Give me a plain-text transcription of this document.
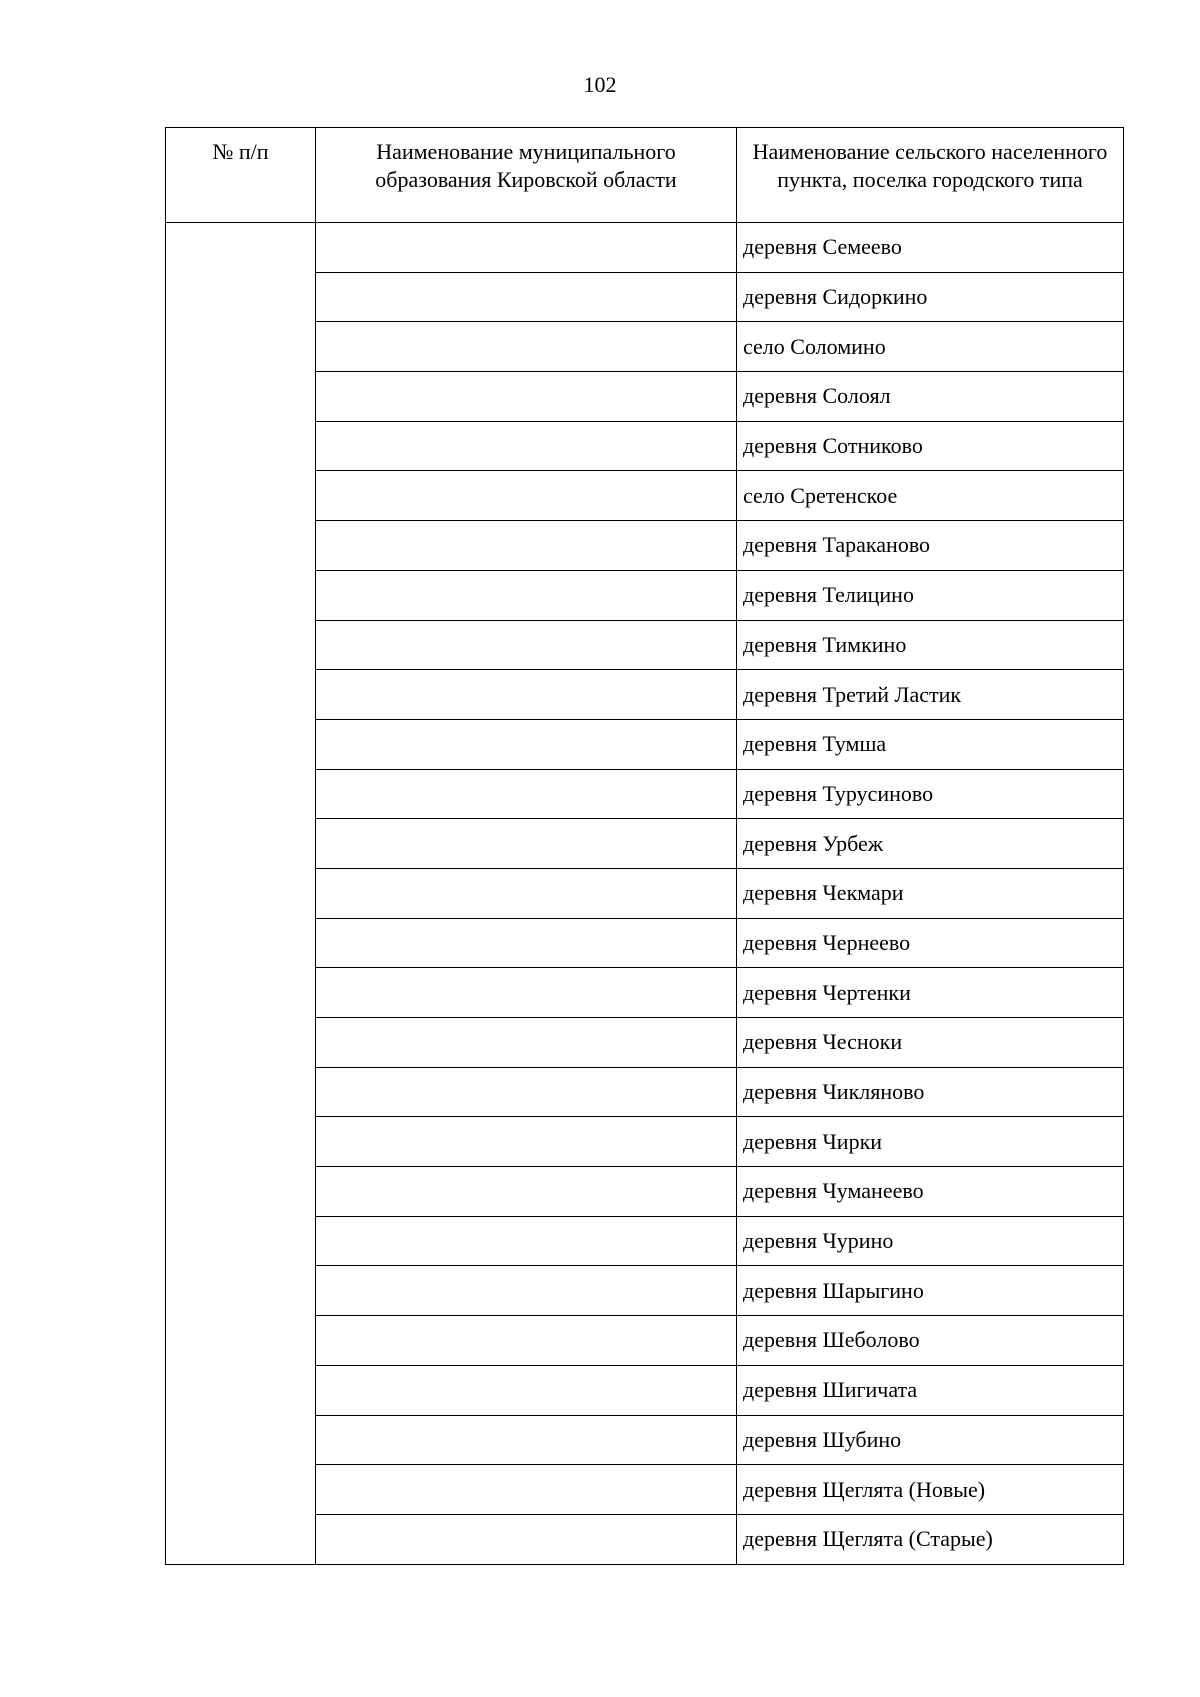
102
№ п/п	Наименование муниципального образования Кировской области	Наименование сельского населенного пункта, поселка городского типа
		деревня Семеево
		деревня Сидоркино
		село Соломино
		деревня Солоял
		деревня Сотниково
		село Сретенское
		деревня Тараканово
		деревня Телицино
		деревня Тимкино
		деревня Третий Ластик
		деревня Тумша
		деревня Турусиново
		деревня Урбеж
		деревня Чекмари
		деревня Чернеево
		деревня Чертенки
		деревня Чесноки
		деревня Чикляново
		деревня Чирки
		деревня Чуманеево
		деревня Чурино
		деревня Шарыгино
		деревня Шеболово
		деревня Шигичата
		деревня Шубино
		деревня Щеглята (Новые)
		деревня Щеглята (Старые)
